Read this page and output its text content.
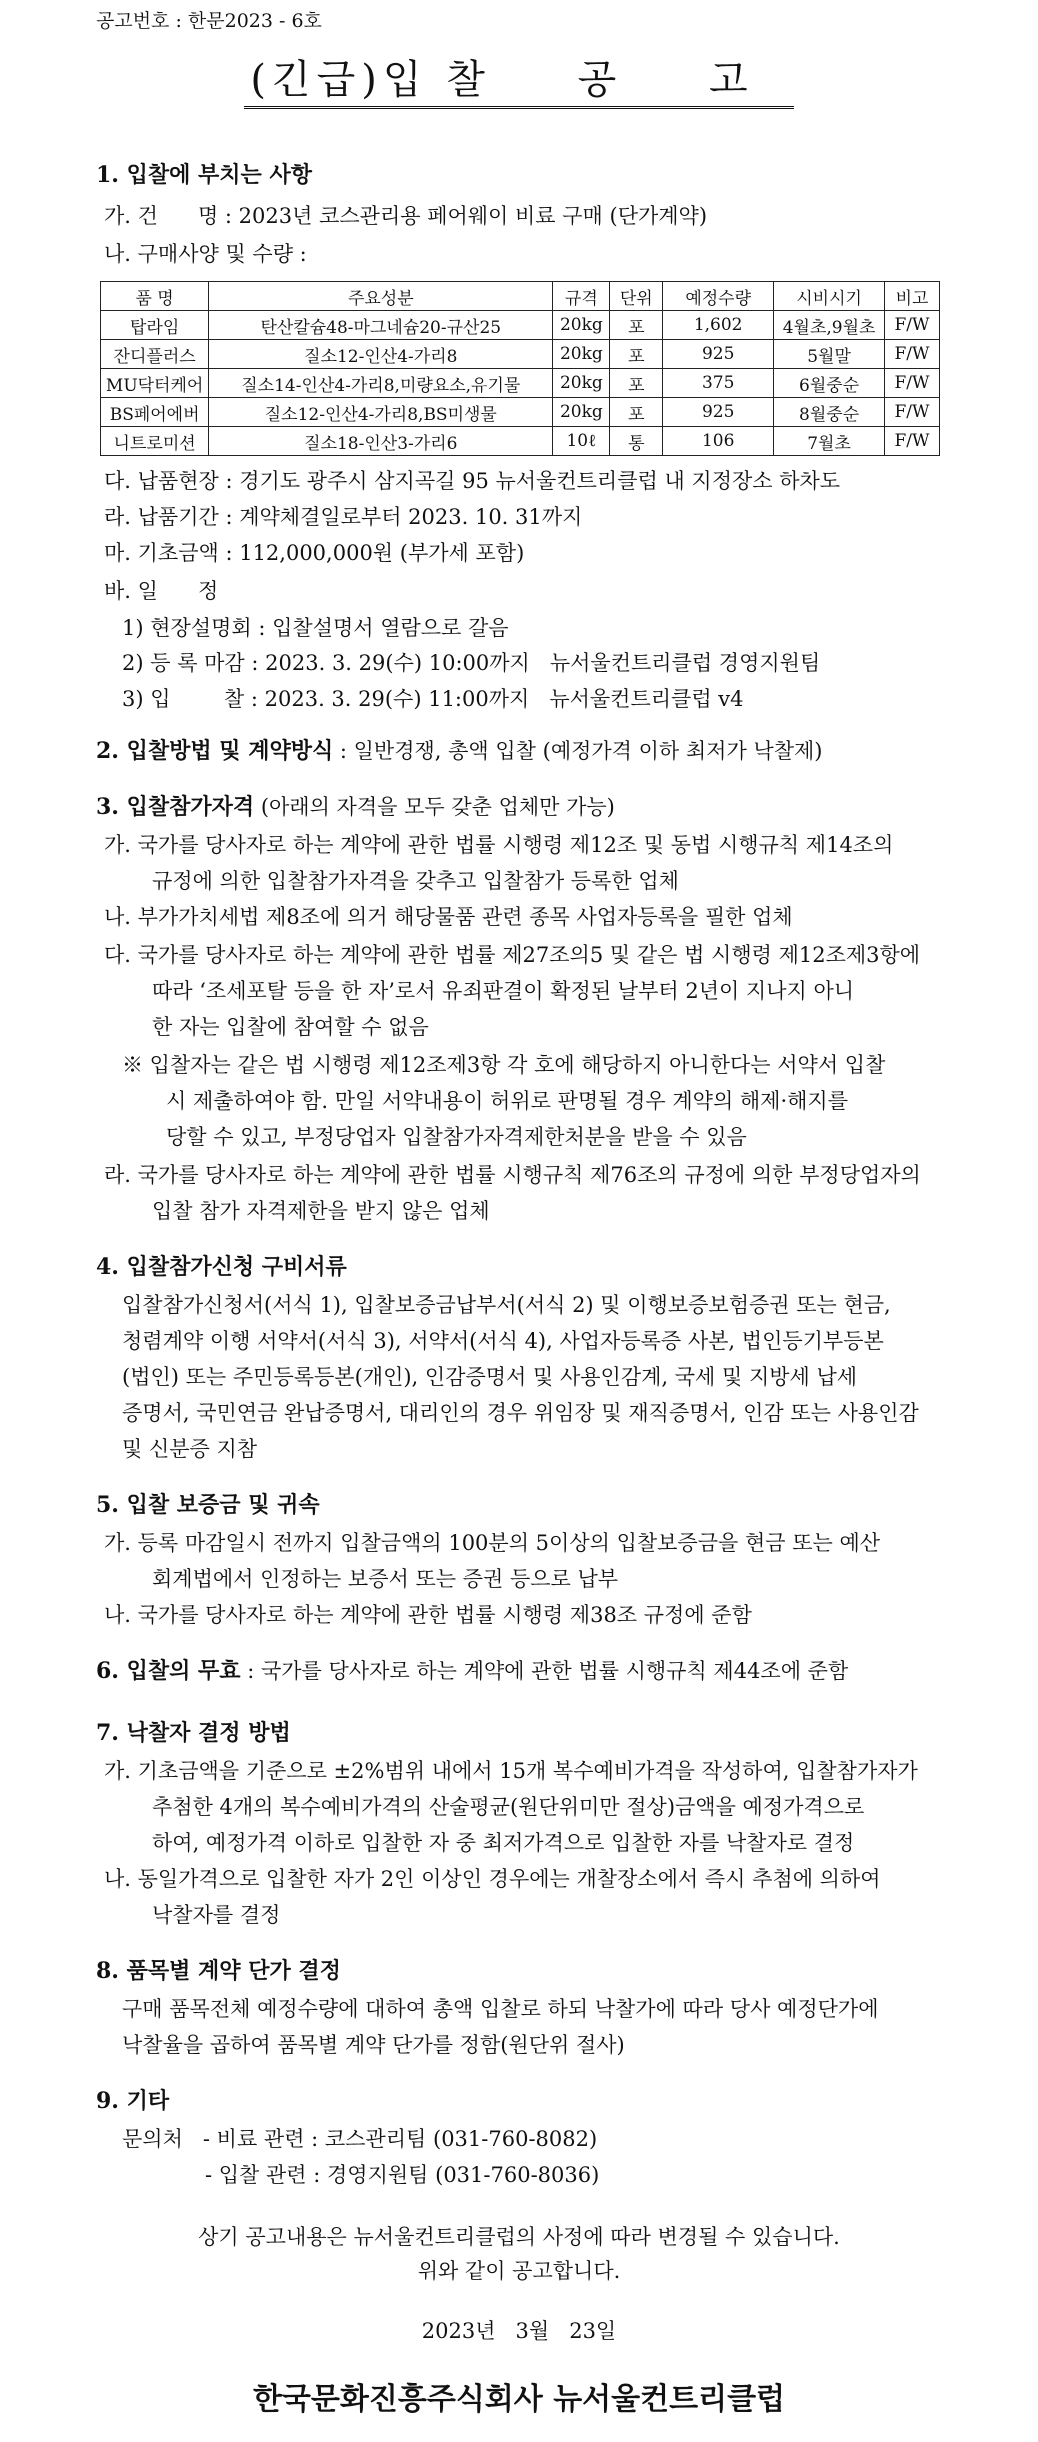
공고번호 : 한문2023 - 6호
(긴급)입 찰 공 고
1. 입찰에 부치는 사항
가. 건      명 : 2023년 코스관리용 페어웨이 비료 구매 (단가계약)
나. 구매사양 및 수량 :
품 명	주요성분	규격	단위	예정수량	시비시기	비고
탑라임	탄산칼슘48-마그네슘20-규산25	20kg	포	1,602	4월초,9월초	F/W
잔디플러스	질소12-인산4-가리8	20kg	포	925	5월말	F/W
MU닥터케어	질소14-인산4-가리8,미량요소,유기물	20kg	포	375	6월중순	F/W
BS페어에버	질소12-인산4-가리8,BS미생물	20kg	포	925	8월중순	F/W
니트로미션	질소18-인산3-가리6	10ℓ	통	106	7월초	F/W
다. 납품현장 : 경기도 광주시 삼지곡길 95 뉴서울컨트리클럽 내 지정장소 하차도
라. 납품기간 : 계약체결일로부터 2023. 10. 31까지
마. 기초금액 : 112,000,000원 (부가세 포함)
바. 일      정
1) 현장설명회 : 입찰설명서 열람으로 갈음
2) 등 록 마감 : 2023. 3. 29(수) 10:00까지   뉴서울컨트리클럽 경영지원팀
3) 입        찰 : 2023. 3. 29(수) 11:00까지   뉴서울컨트리클럽 v4
2. 입찰방법 및 계약방식 : 일반경쟁, 총액 입찰 (예정가격 이하 최저가 낙찰제)
3. 입찰참가자격 (아래의 자격을 모두 갖춘 업체만 가능)
가. 국가를 당사자로 하는 계약에 관한 법률 시행령 제12조 및 동법 시행규칙 제14조의
규정에 의한 입찰참가자격을 갖추고 입찰참가 등록한 업체
나. 부가가치세법 제8조에 의거 해당물품 관련 종목 사업자등록을 필한 업체
다. 국가를 당사자로 하는 계약에 관한 법률 제27조의5 및 같은 법 시행령 제12조제3항에
따라 ‘조세포탈 등을 한 자’로서 유죄판결이 확정된 날부터 2년이 지나지 아니
한 자는 입찰에 참여할 수 없음
※ 입찰자는 같은 법 시행령 제12조제3항 각 호에 해당하지 아니한다는 서약서 입찰
시 제출하여야 함. 만일 서약내용이 허위로 판명될 경우 계약의 해제·해지를
당할 수 있고, 부정당업자 입찰참가자격제한처분을 받을 수 있음
라. 국가를 당사자로 하는 계약에 관한 법률 시행규칙 제76조의 규정에 의한 부정당업자의
입찰 참가 자격제한을 받지 않은 업체
4. 입찰참가신청 구비서류
입찰참가신청서(서식 1), 입찰보증금납부서(서식 2) 및 이행보증보험증권 또는 현금,
청렴계약 이행 서약서(서식 3), 서약서(서식 4), 사업자등록증 사본, 법인등기부등본
(법인) 또는 주민등록등본(개인), 인감증명서 및 사용인감계, 국세 및 지방세 납세
증명서, 국민연금 완납증명서, 대리인의 경우 위임장 및 재직증명서, 인감 또는 사용인감
및 신분증 지참
5. 입찰 보증금 및 귀속
가. 등록 마감일시 전까지 입찰금액의 100분의 5이상의 입찰보증금을 현금 또는 예산
회계법에서 인정하는 보증서 또는 증권 등으로 납부
나. 국가를 당사자로 하는 계약에 관한 법률 시행령 제38조 규정에 준함
6. 입찰의 무효 : 국가를 당사자로 하는 계약에 관한 법률 시행규칙 제44조에 준함
7. 낙찰자 결정 방법
가. 기초금액을 기준으로 ±2%범위 내에서 15개 복수예비가격을 작성하여, 입찰참가자가
추첨한 4개의 복수예비가격의 산술평균(원단위미만 절상)금액을 예정가격으로
하여, 예정가격 이하로 입찰한 자 중 최저가격으로 입찰한 자를 낙찰자로 결정
나. 동일가격으로 입찰한 자가 2인 이상인 경우에는 개찰장소에서 즉시 추첨에 의하여
낙찰자를 결정
8. 품목별 계약 단가 결정
구매 품목전체 예정수량에 대하여 총액 입찰로 하되 낙찰가에 따라 당사 예정단가에
낙찰율을 곱하여 품목별 계약 단가를 정함(원단위 절사)
9. 기타
문의처   - 비료 관련 : 코스관리팀 (031-760-8082)
- 입찰 관련 : 경영지원팀 (031-760-8036)
상기 공고내용은 뉴서울컨트리클럽의 사정에 따라 변경될 수 있습니다.
위와 같이 공고합니다.
2023년   3월   23일
한국문화진흥주식회사 뉴서울컨트리클럽
